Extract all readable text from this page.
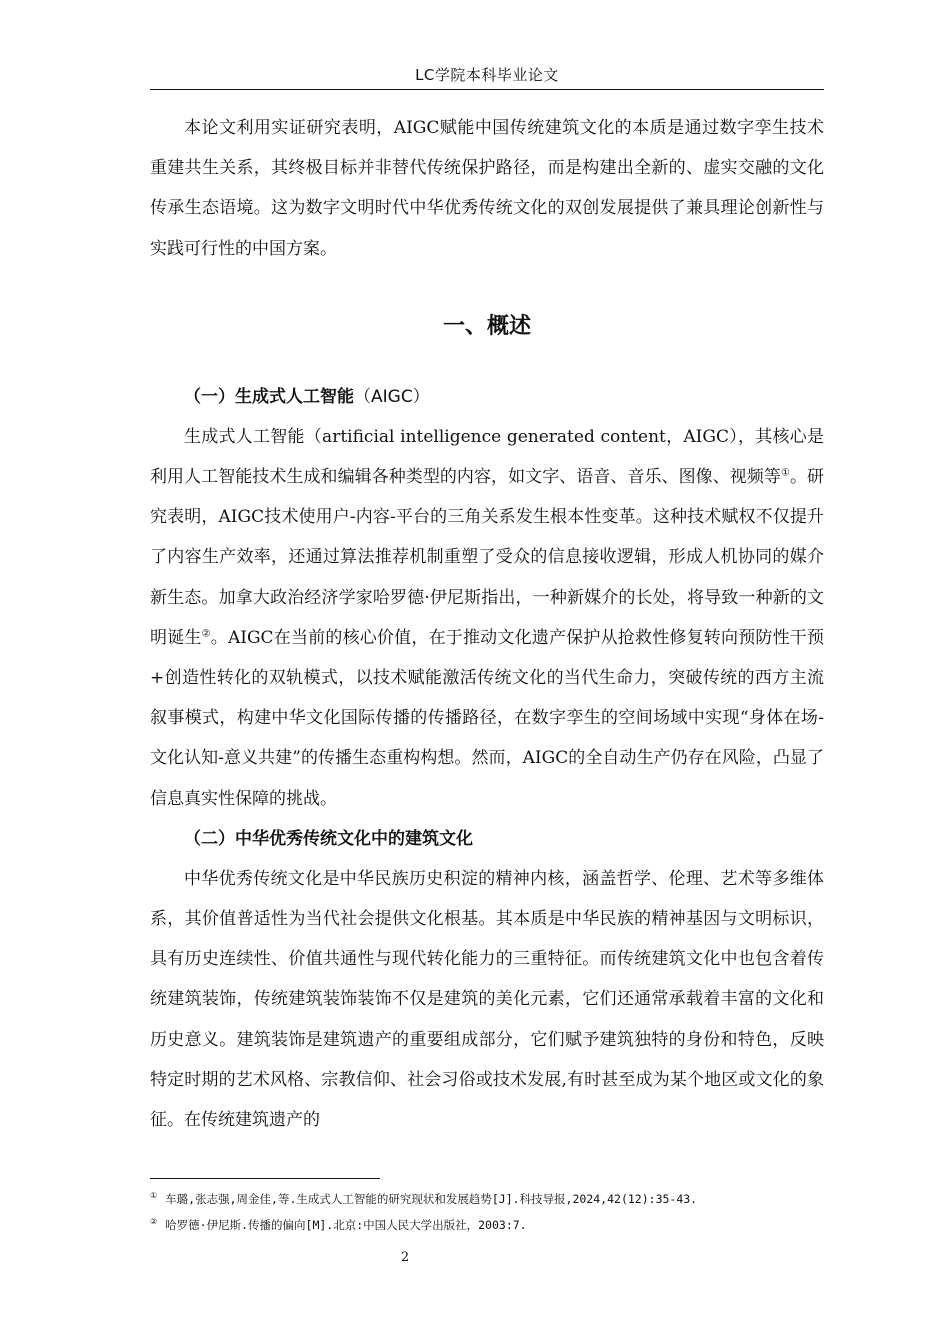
LC学院本科毕业论文

本论文利用实证研究表明，AIGC赋能中国传统建筑文化的本质是通过数字孪生技术重建共生关系，其终极目标并非替代传统保护路径，而是构建出全新的、虚实交融的文化传承生态语境。这为数字文明时代中华优秀传统文化的双创发展提供了兼具理论创新性与实践可行性的中国方案。

一、概述
（一）生成式人工智能（AIGC）

生成式人工智能（artificial intelligence generated content，AIGC），其核心是利用人工智能技术生成和编辑各种类型的内容，如文字、语音、音乐、图像、视频等①。研究表明，AIGC技术使用户-内容-平台的三角关系发生根本性变革。这种技术赋权不仅提升了内容生产效率，还通过算法推荐机制重塑了受众的信息接收逻辑，形成人机协同的媒介新生态。加拿大政治经济学家哈罗德·伊尼斯指出，一种新媒介的长处，将导致一种新的文明诞生②。AIGC在当前的核心价值，在于推动文化遗产保护从抢救性修复转向预防性干预+创造性转化的双轨模式，以技术赋能激活传统文化的当代生命力，突破传统的西方主流叙事模式，构建中华文化国际传播的传播路径，在数字孪生的空间场域中实现“身体在场-文化认知-意义共建”的传播生态重构构想。然而，AIGC的全自动生产仍存在风险，凸显了信息真实性保障的挑战。

（二）中华优秀传统文化中的建筑文化

中华优秀传统文化是中华民族历史积淀的精神内核，涵盖哲学、伦理、艺术等多维体系，其价值普适性为当代社会提供文化根基。其本质是中华民族的精神基因与文明标识，具有历史连续性、价值共通性与现代转化能力的三重特征。而传统建筑文化中也包含着传统建筑装饰，传统建筑装饰装饰不仅是建筑的美化元素，它们还通常承载着丰富的文化和历史意义。建筑装饰是建筑遗产的重要组成部分，它们赋予建筑独特的身份和特色，反映特定时期的艺术风格、宗教信仰、社会习俗或技术发展,有时甚至成为某个地区或文化的象征。在传统建筑遗产的

① 车璐,张志强,周金佳,等.生成式人工智能的研究现状和发展趋势[J].科技导报,2024,42(12):35-43.
② 哈罗德·伊尼斯.传播的偏向[M].北京:中国人民大学出版社，2003:7.
2
